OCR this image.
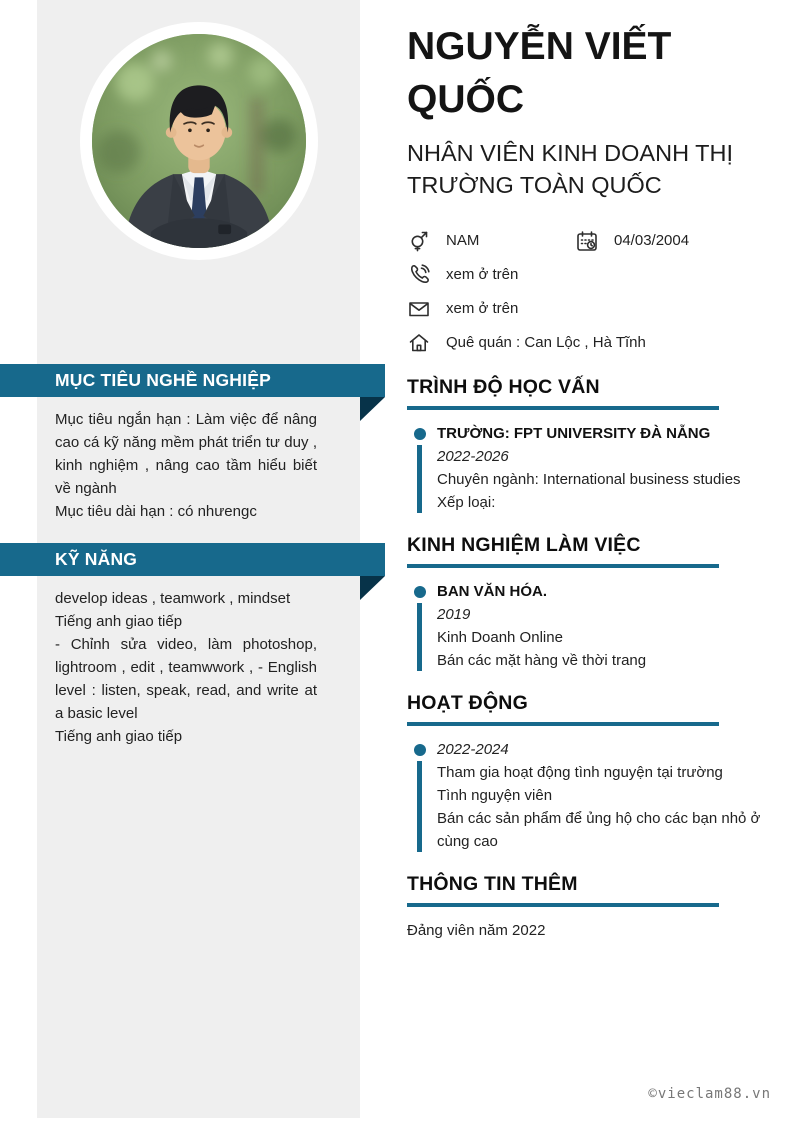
MỤC TIÊU NGHỀ NGHIỆP

Mục tiêu ngắn hạn : Làm việc để nâng cao cá kỹ năng mềm phát triển tư duy , kinh nghiệm , nâng cao tầm hiểu biết về ngành

Mục tiêu dài hạn : có nhưengc

KỸ NĂNG

develop ideas , teamwork , mindset

Tiếng anh giao tiếp

- Chỉnh sửa video, làm photoshop, lightroom , edit , teamwwork , - English level : listen, speak, read, and write at a basic level

Tiếng anh giao tiếp

NGUYỄN VIẾT QUỐC
NHÂN VIÊN KINH DOANH THỊ TRƯỜNG TOÀN QUỐC
NAM	04/03/2004
xem ở trên
xem ở trên
Quê quán : Can Lộc , Hà Tĩnh
TRÌNH ĐỘ HỌC VẤN
TRƯỜNG: FPT UNIVERSITY ĐÀ NẴNG
2022-2026
Chuyên ngành: International business studies
Xếp loại:
KINH NGHIỆM LÀM VIỆC
BAN VĂN HÓA.
2019
Kinh Doanh Online
Bán các mặt hàng về thời trang
HOẠT ĐỘNG
2022-2024
Tham gia hoạt động tình nguyện tại trường
Tình nguyện viên
Bán các sản phẩm để ủng hộ cho các bạn nhỏ ở cùng cao
THÔNG TIN THÊM
Đảng viên năm 2022
©vieclam88.vn
